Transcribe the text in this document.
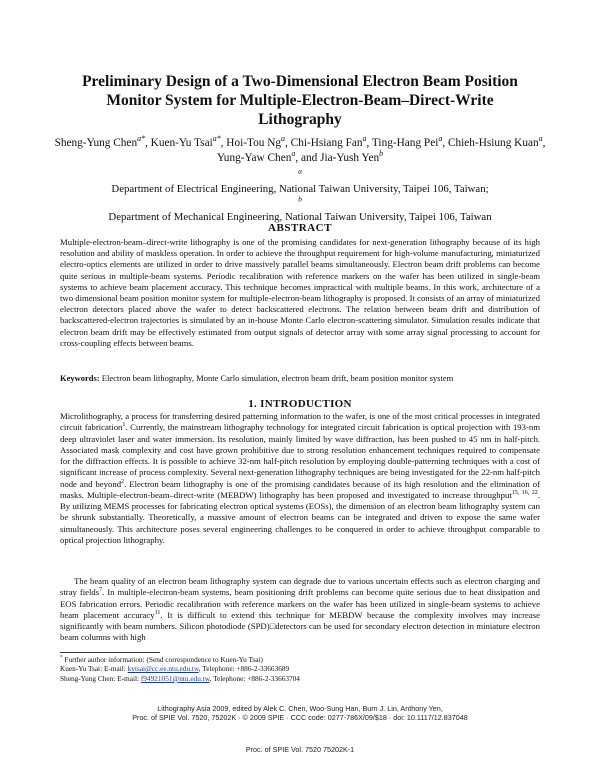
Preliminary Design of a Two-Dimensional Electron Beam Position
Monitor System for Multiple-Electron-Beam–Direct-Write
Lithography
Sheng-Yung Chen$^{a*}$, Kuen-Yu Tsai$^{a*}$, Hoi-Tou Ng$^a$, Chi-Hsiang Fan$^a$, Ting-Hang Pei$^a$, Chieh-Hsiung Kuan$^a$, Yung-Yaw Chen$^a$, and Jia-Yush Yen$^b$
$^a$
Department of Electrical Engineering, National Taiwan University, Taipei 106, Taiwan;
$^b$
Department of Mechanical Engineering, National Taiwan University, Taipei 106, Taiwan
ABSTRACT
Multiple-electron-beam–direct-write lithography is one of the promising candidates for next-generation lithography because of its high resolution and ability of maskless operation. In order to achieve the throughput requirement for high-volume manufacturing, miniaturized electro-optics elements are utilized in order to drive massively parallel beams simultaneously. Electron beam drift problems can become quite serious in multiple-beam systems. Periodic recalibration with reference markers on the wafer has been utilized in single-beam systems to achieve beam placement accuracy. This technique becomes impractical with multiple beams. In this work, architecture of a two dimensional beam position monitor system for multiple-electron-beam lithography is proposed. It consists of an array of miniaturized electron detectors placed above the wafer to detect backscattered electrons. The relation between beam drift and distribution of backscattered-electron trajectories is simulated by an in-house Monte Carlo electron-scattering simulator. Simulation results indicate that electron beam drift may be effectively estimated from output signals of detector array with some array signal processing to account for cross-coupling effects between beams.
Keywords: Electron beam lithography, Monte Carlo simulation, electron beam drift, beam position monitor system
1. INTRODUCTION
Microlithography, a process for transferring desired patterning information to the wafer, is one of the most critical processes in integrated circuit fabrication$^1$. Currently, the mainstream lithography technology for integrated circuit fabrication is optical projection with 193-nm deep ultraviolet laser and water immersion. Its resolution, mainly limited by wave diffraction, has been pushed to 45 nm in half-pitch. Associated mask complexity and cost have grown prohibitive due to strong resolution enhancement techniques required to compensate for the diffraction effects. It is possible to achieve 32-nm half-pitch resolution by employing double-patterning techniques with a cost of significant increase of process complexity. Several next-generation lithography techniques are being investigated for the 22-nm half-pitch node and beyond$^2$. Electron beam lithography is one of the promising candidates because of its high resolution and the elimination of masks. Multiple-electron-beam–direct-write (MEBDW) lithography has been proposed and investigated to increase throughput$^{15, 16, 22}$. By utilizing MEMS processes for fabricating electron optical systems (EOSs), the dimension of an electron beam lithography system can be shrunk substantially. Theoretically, a massive amount of electron beams can be integrated and driven to expose the same wafer simultaneously. This architecture poses several engineering challenges to be conquered in order to achieve throughput comparable to optical projection lithography.
The beam quality of an electron beam lithography system can degrade due to various uncertain effects such as electron charging and stray fields$^7$. In multiple-electron-beam systems, beam positioning drift problems can become quite serious due to heat dissipation and EOS fabrication errors. Periodic recalibration with reference markers on the wafer has been utilized in single-beam systems to achieve beam placement accuracy$^{11}$. It is difficult to extend this technique for MEBDW because the complexity involves may increase significantly with beam numbers. Silicon photodiode (SPD)□detectors can be used for secondary electron detection in miniature electron beam columns with high
* Further author information: (Send correspondence to Kuen-Yu Tsai)
Kuen-Yu Tsai: E-mail: kytsai@cc.ee.ntu.edu.tw, Telephone: +886-2-33663689
Sheng-Yung Chen: E-mail: f94921051@ntu.edu.tw, Telephone: +886-2-33663704
Lithography Asia 2009, edited by Alek C. Chen, Woo-Sung Han, Burn J. Lin, Anthony Yen,
Proc. of SPIE Vol. 7520, 75202K · © 2009 SPIE · CCC code: 0277-786X/09/$18 · doi: 10.1117/12.837048
Proc. of SPIE Vol. 7520 75202K-1
